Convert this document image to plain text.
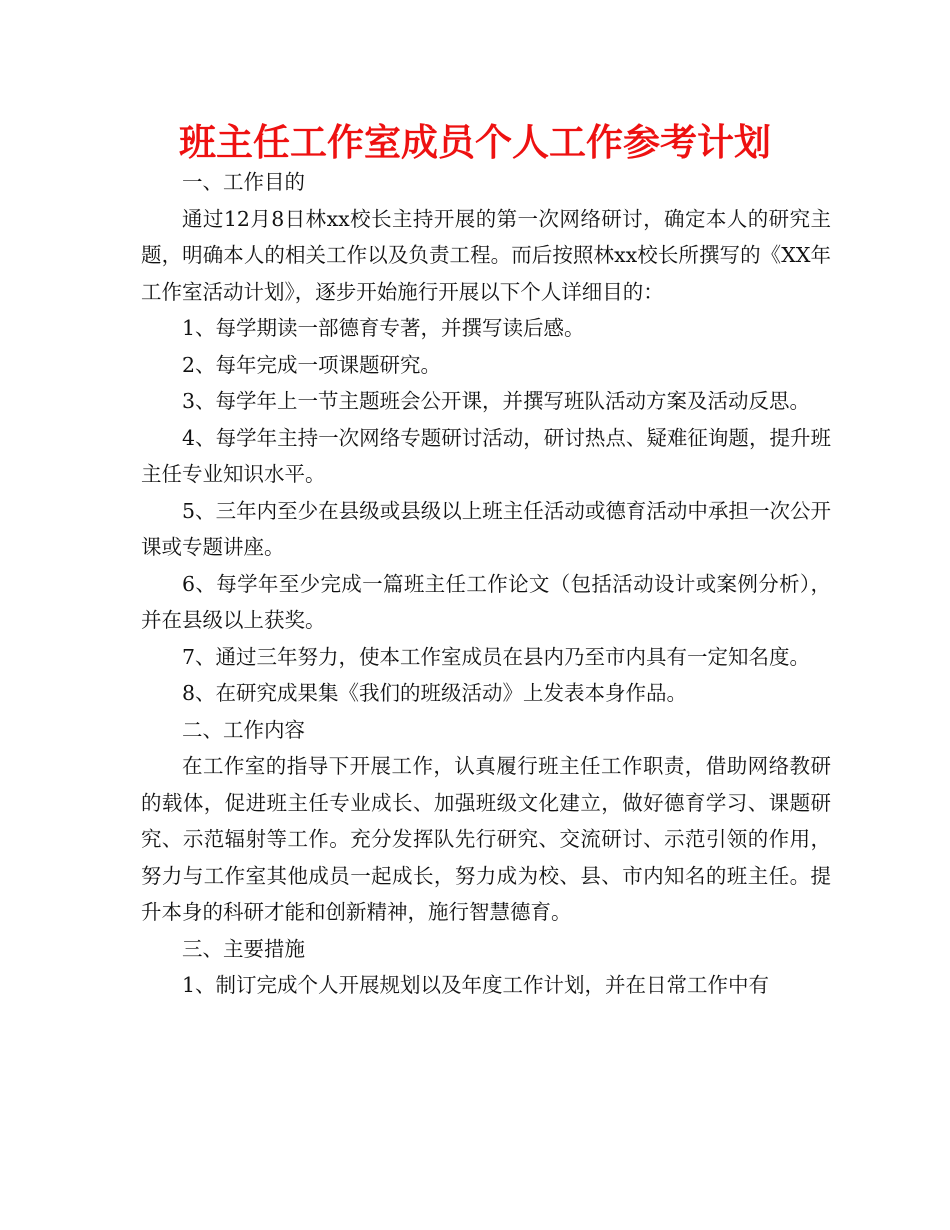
班主任工作室成员个人工作参考计划

一、工作目的

通过12月8日林xx校长主持开展的第一次网络研讨，确定本人的研究主题，明确本人的相关工作以及负责工程。而后按照林xx校长所撰写的《XX年工作室活动计划》，逐步开始施行开展以下个人详细目的：

1、每学期读一部德育专著，并撰写读后感。

2、每年完成一项课题研究。

3、每学年上一节主题班会公开课，并撰写班队活动方案及活动反思。

4、每学年主持一次网络专题研讨活动，研讨热点、疑难征询题，提升班主任专业知识水平。

5、三年内至少在县级或县级以上班主任活动或德育活动中承担一次公开课或专题讲座。

6、每学年至少完成一篇班主任工作论文（包括活动设计或案例分析），并在县级以上获奖。

7、通过三年努力，使本工作室成员在县内乃至市内具有一定知名度。

8、在研究成果集《我们的班级活动》上发表本身作品。

二、工作内容

在工作室的指导下开展工作，认真履行班主任工作职责，借助网络教研的载体，促进班主任专业成长、加强班级文化建立，做好德育学习、课题研究、示范辐射等工作。充分发挥队先行研究、交流研讨、示范引领的作用，努力与工作室其他成员一起成长，努力成为校、县、市内知名的班主任。提升本身的科研才能和创新精神，施行智慧德育。

三、主要措施

1、制订完成个人开展规划以及年度工作计划，并在日常工作中有
